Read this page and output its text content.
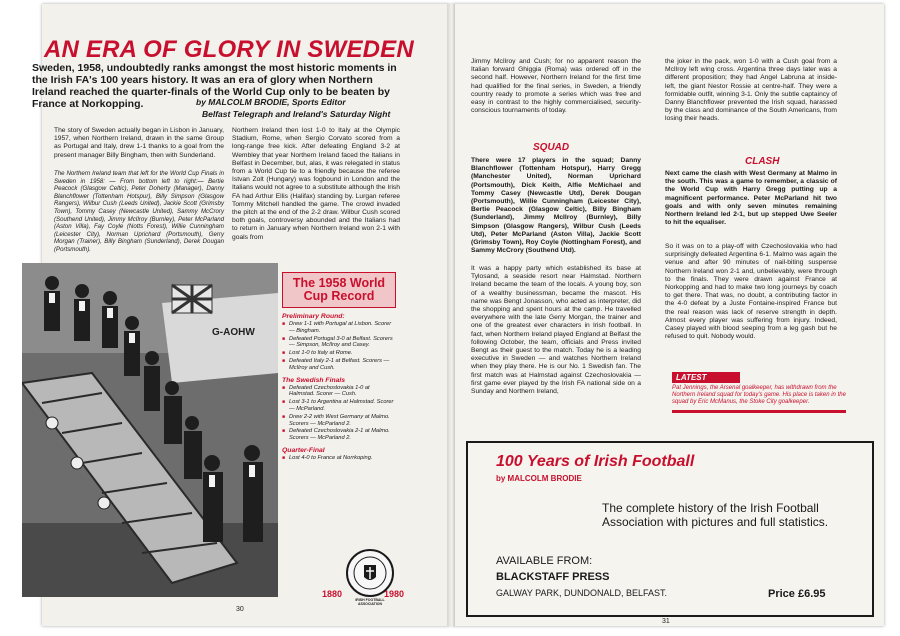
AN ERA OF GLORY IN SWEDEN
Sweden, 1958, undoubtedly ranks amongst the most historic moments in the Irish FA's 100 years history. It was an era of glory when Northern Ireland reached the quarter-finals of the World Cup only to be beaten by France at Norkopping.	by MALCOLM BRODIE, Sports Editor
Belfast Telegraph and Ireland's Saturday Night
The story of Sweden actually began in Lisbon in January, 1957, when Northern Ireland, drawn in the same Group as Portugal and Italy, drew 1-1 thanks to a goal from the present manager Billy Bingham, then with Sunderland.
The Northern Ireland team that left for the World Cup Finals in Sweden in 1958: — From bottom left to right:— Bertie Peacock (Glasgow Celtic), Peter Doherty (Manager), Danny Blanchflower (Tottenham Hotspur), Billy Simpson (Glasgow Rangers), Wilbur Cush (Leeds United), Jackie Scott (Grimsby Town), Tommy Casey (Newcastle United), Sammy McCrory (Southend United), Jimmy McIlroy (Burnley), Peter McParland (Aston Villa), Fay Coyle (Notts Forest), Willie Cunningham (Leicester City), Norman Uprichard (Portsmouth), Gerry Morgan (Trainer), Billy Bingham (Sunderland), Derek Dougan (Portsmouth).
Northern Ireland then lost 1-0 to Italy at the Olympic Stadium, Rome, when Sergio Corvato scored from a long-range free kick. After defeating England 3-2 at Wembley that year Northern Ireland faced the Italians in Belfast in December, but, alas, it was relegated in status from a World Cup tie to a friendly because the referee Istvan Zolt (Hungary) was fogbound in London and the Italians would not agree to a substitute although the Irish FA had Arthur Ellis (Halifax) standing by. Lurgan referee Tommy Mitchell handled the game. The crowd invaded the pitch at the end of the 2-2 draw. Wilbur Cush scored both goals, controversy abounded and the Italians had to return in January when Northern Ireland won 2-1 with goals from
G-AOHW
The 1958 World Cup Record
Preliminary Round:
■ Drew 1-1 with Portugal at Lisbon. Scorer — Bingham.
■ Defeated Portugal 3-0 at Belfast. Scorers — Simpson, McIlroy and Casey.
■ Lost 1-0 to Italy at Rome.
■ Defeated Italy 2-1 at Belfast. Scorers — McIlroy and Cush.
The Swedish Finals
■ Defeated Czechoslovakia 1-0 at Halmstad. Scorer — Cush.
■ Lost 3-1 to Argentina at Halmstad. Scorer — McParland.
■ Drew 2-2 with West Germany at Malmo. Scorers — McParland 2.
■ Defeated Czechoslovakia 2-1 at Malmo. Scorers — McParland 2.
Quarter-Final
■ Lost 4-0 to France at Norrkoping.
IRISH FOOTBALL ASSOCIATION
1880	1980
30
Jimmy McIlroy and Cush; for no apparent reason the Italian forward Ghiggia (Roma) was ordered off in the second half. However, Northern Ireland for the first time had qualified for the final series, in Sweden, a friendly country ready to promote a series which was free and easy in contrast to the highly commercialised, security-conscious tournaments of today.
SQUAD
There were 17 players in the squad; Danny Blanchflower (Tottenham Hotspur), Harry Gregg (Manchester United), Norman Uprichard (Portsmouth), Dick Keith, Alfie McMichael and Tommy Casey (Newcastle Utd), Derek Dougan (Portsmouth), Willie Cunningham (Leicester City), Bertie Peacock (Glasgow Celtic), Billy Bingham (Sunderland), Jimmy McIlroy (Burnley), Billy Simpson (Glasgow Rangers), Wilbur Cush (Leeds Utd), Peter McParland (Aston Villa), Jackie Scott (Grimsby Town), Roy Coyle (Nottingham Forest), and Sammy McCrory (Southend Utd).
It was a happy party which established its base at Tylosand, a seaside resort near Halmstad. Northern Ireland became the team of the locals. A young boy, son of a wealthy businessman, became the mascot. His name was Bengt Jonasson, who acted as interpreter, did the shopping and spent hours at the camp. He travelled everywhere with the late Gerry Morgan, the trainer and one of the greatest ever characters in Irish football. In fact, when Northern Ireland played England at Belfast the following October, the team, officials and Press invited Bengt as their guest to the match. Today he is a leading executive in Sweden — and watches Northern Ireland when they play there. He is our No. 1 Swedish fan. The first match was at Halmstad against Czechoslovakia — first game ever played by the Irish FA national side on a Sunday and Northern Ireland,
the joker in the pack, won 1-0 with a Cush goal from a McIlroy left wing cross. Argentina three days later was a different proposition; they had Angel Labruna at inside-left, the giant Nestor Rossie at centre-half. They were a formidable outfit, winning 3-1. Only the subtle captaincy of Danny Blanchflower prevented the Irish squad, harassed by the class and dominance of the South Americans, from losing their heads.
CLASH
Next came the clash with West Germany at Malmo in the south. This was a game to remember, a classic of the World Cup with Harry Gregg putting up a magnificent performance. Peter McParland hit two goals and with only seven minutes remaining Northern Ireland led 2-1, but up stepped Uwe Seeler to hit the equaliser.
So it was on to a play-off with Czechoslovakia who had surprisingly defeated Argentina 6-1. Malmo was again the venue and after 90 minutes of nail-biting suspense Northern Ireland won 2-1 and, unbelievably, were through to the finals. They were drawn against France at Norkopping and had to make two long journeys by coach to get there. That was, no doubt, a contributing factor in the 4-0 defeat by a Juste Fontaine-inspired France but the real reason was lack of reserve strength in depth. Almost every player was suffering from injury. Indeed, Casey played with blood seeping from a leg gash but he refused to quit. Nobody would.
LATEST
Pat Jennings, the Arsenal goalkeeper, has withdrawn from the Northern Ireland squad for today's game. His place is taken in the squad by Eric McManus, the Stoke City goalkeeper.
100 Years of Irish Football
by MALCOLM BRODIE
The complete history of the Irish Football Association with pictures and full statistics.
AVAILABLE FROM:
BLACKSTAFF PRESS
GALWAY PARK, DUNDONALD, BELFAST.	Price £6.95
31
